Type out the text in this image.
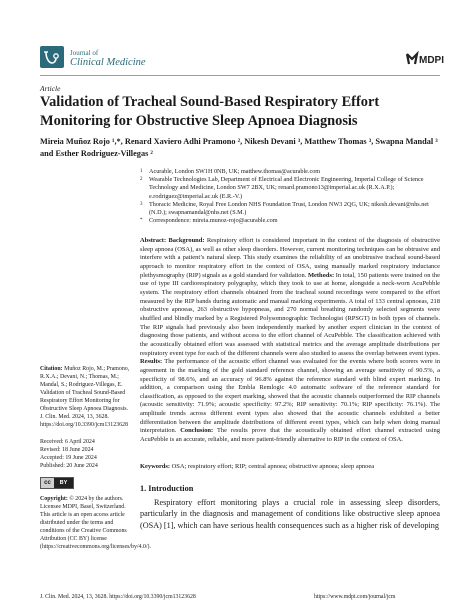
Journal of
Clinical Medicine	MDPI
Article
Validation of Tracheal Sound-Based Respiratory Effort Monitoring for Obstructive Sleep Apnoea Diagnosis
Mireia Muñoz Rojo ¹,*, Renard Xaviero Adhi Pramono ², Nikesh Devani ³, Matthew Thomas ³, Swapna Mandal ³ and Esther Rodriguez-Villegas ²
1 Acurable, London SW1H 0NB, UK; matthew.thomas@acurable.com
2 Wearable Technologies Lab, Department of Electrical and Electronic Engineering, Imperial College of Science Technology and Medicine, London SW7 2BX, UK; renard.pramono13@imperial.ac.uk (R.X.A.P.); e.rodriguez@imperial.ac.uk (E.R.-V.)
3 Thoracic Medicine, Royal Free London NHS Foundation Trust, London NW3 2QG, UK; nikesh.devani@nhs.net (N.D.); swapnamandal@nhs.net (S.M.)
* Correspondence: mireia.munoz-rojo@acurable.com
Abstract: Background: Respiratory effort is considered important in the context of the diagnosis of obstructive sleep apnoea (OSA), as well as other sleep disorders. However, current monitoring techniques can be obtrusive and interfere with a patient’s natural sleep. This study examines the reliability of an unobtrusive tracheal sound-based approach to monitor respiratory effort in the context of OSA, using manually marked respiratory inductance plethysmography (RIP) signals as a gold standard for validation. Methods: In total, 150 patients were trained on the use of type III cardiorespiratory polygraphy, which they took to use at home, alongside a neck-worn AcuPebble system. The respiratory effort channels obtained from the tracheal sound recordings were compared to the effort measured by the RIP bands during automatic and manual marking experiments. A total of 133 central apnoeas, 218 obstructive apnoeas, 263 obstructive hypopneas, and 270 normal breathing randomly selected segments were shuffled and blindly marked by a Registered Polysomnographic Technologist (RPSGT) in both types of channels. The RIP signals had previously also been independently marked by another expert clinician in the context of diagnosing those patients, and without access to the effort channel of AcuPebble. The classification achieved with the acoustically obtained effort was assessed with statistical metrics and the average amplitude distributions per respiratory event type for each of the different channels were also studied to assess the overlap between event types. Results: The performance of the acoustic effort channel was evaluated for the events where both scorers were in agreement in the marking of the gold standard reference channel, showing an average sensitivity of 90.5%, a specificity of 98.6%, and an accuracy of 96.8% against the reference standard with blind expert marking. In addition, a comparison using the Embla Remlogic 4.0 automatic software of the reference standard for classification, as opposed to the expert marking, showed that the acoustic channels outperformed the RIP channels (acoustic sensitivity: 71.9%; acoustic specificity: 97.2%; RIP sensitivity: 70.1%; RIP specificity: 76.1%). The amplitude trends across different event types also showed that the acoustic channels exhibited a better differentiation between the amplitude distributions of different event types, which can help when doing manual interpretation. Conclusion: The results prove that the acoustically obtained effort channel extracted using AcuPebble is an accurate, reliable, and more patient-friendly alternative to RIP in the context of OSA.
Keywords: OSA; respiratory effort; RIP; central apnoea; obstructive apnoea; sleep apnoea
Citation: Muñoz Rojo, M.; Pramono, R.X.A.; Devani, N.; Thomas, M.; Mandal, S.; Rodriguez-Villegas, E. Validation of Tracheal Sound-Based Respiratory Effort Monitoring for Obstructive Sleep Apnoea Diagnosis. J. Clin. Med. 2024, 13, 3628. https://doi.org/10.3390/jcm13123628
Received: 6 April 2024
Revised: 18 June 2024
Accepted: 19 June 2024
Published: 20 June 2024
cc	BY
Copyright: © 2024 by the authors. Licensee MDPI, Basel, Switzerland. This article is an open access article distributed under the terms and conditions of the Creative Commons Attribution (CC BY) license (https://creativecommons.org/licenses/by/4.0/).
1. Introduction
Respiratory effort monitoring plays a crucial role in assessing sleep disorders, particularly in the diagnosis and management of conditions like obstructive sleep apnoea (OSA) [1], which can have serious health consequences such as a higher risk of developing
J. Clin. Med. 2024, 13, 3628. https://doi.org/10.3390/jcm13123628	https://www.mdpi.com/journal/jcm
